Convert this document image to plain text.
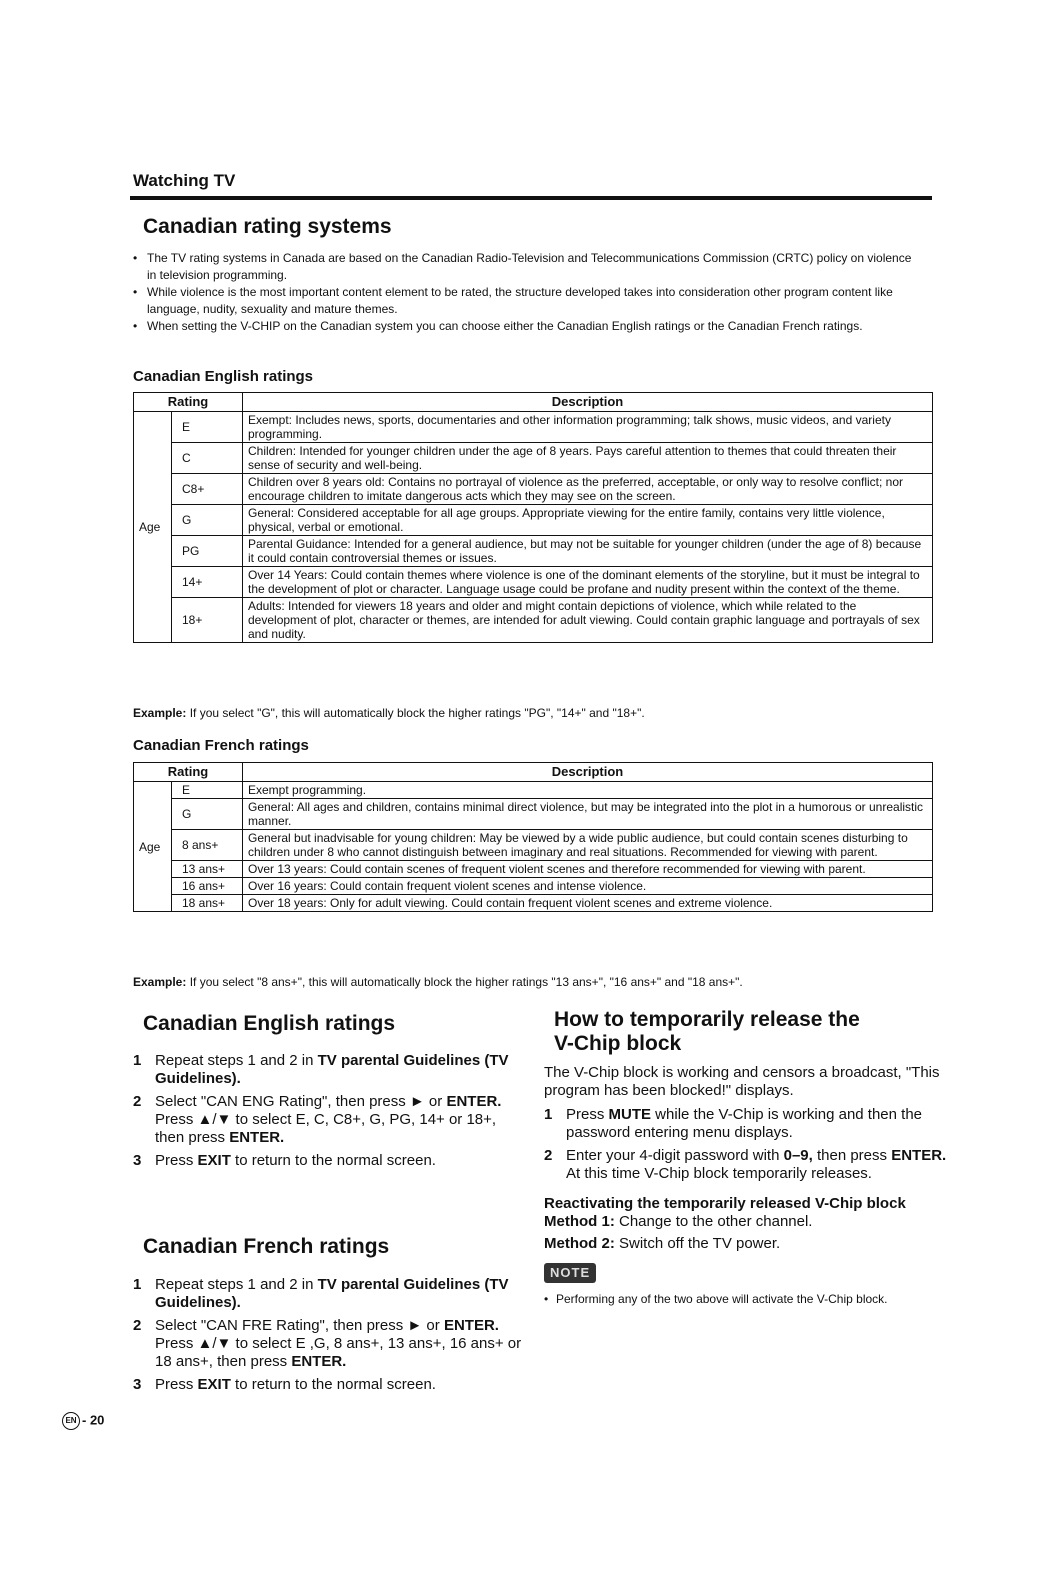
Watching TV
Canadian rating systems
• The TV rating systems in Canada are based on the Canadian Radio-Television and Telecommunications Commission (CRTC) policy on violence in television programming.
• While violence is the most important content element to be rated, the structure developed takes into consideration other program content like language, nudity, sexuality and mature themes.
• When setting the V-CHIP on the Canadian system you can choose either the Canadian English ratings or the Canadian French ratings.
Canadian English ratings
Rating		Description
Age	E	Exempt: Includes news, sports, documentaries and other information programming; talk shows, music videos, and variety programming.
	C	Children: Intended for younger children under the age of 8 years. Pays careful attention to themes that could threaten their sense of security and well-being.
	C8+	Children over 8 years old: Contains no portrayal of violence as the preferred, acceptable, or only way to resolve conflict; nor encourage children to imitate dangerous acts which they may see on the screen.
	G	General: Considered acceptable for all age groups. Appropriate viewing for the entire family, contains very little violence, physical, verbal or emotional.
	PG	Parental Guidance: Intended for a general audience, but may not be suitable for younger children (under the age of 8) because it could contain controversial themes or issues.
	14+	Over 14 Years: Could contain themes where violence is one of the dominant elements of the storyline, but it must be integral to the development of plot or character. Language usage could be profane and nudity present within the context of the theme.
	18+	Adults: Intended for viewers 18 years and older and might contain depictions of violence, which while related to the development of plot, character or themes, are intended for adult viewing. Could contain graphic language and portrayals of sex and nudity.
Example: If you select "G", this will automatically block the higher ratings "PG", "14+" and "18+".
Canadian French ratings
Rating		Description
Age	E	Exempt programming.
	G	General: All ages and children, contains minimal direct violence, but may be integrated into the plot in a humorous or unrealistic manner.
	8 ans+	General but inadvisable for young children: May be viewed by a wide public audience, but could contain scenes disturbing to children under 8 who cannot distinguish between imaginary and real situations. Recommended for viewing with parent.
	13 ans+	Over 13 years: Could contain scenes of frequent violent scenes and therefore recommended for viewing with parent.
	16 ans+	Over 16 years: Could contain frequent violent scenes and intense violence.
	18 ans+	Over 18 years: Only for adult viewing. Could contain frequent violent scenes and extreme violence.
Example: If you select "8 ans+", this will automatically block the higher ratings "13 ans+", "16 ans+" and "18 ans+".
Canadian English ratings
1 Repeat steps 1 and 2 in TV parental Guidelines (TV Guidelines).
2 Select "CAN ENG Rating", then press ► or ENTER.
Press ▲/▼ to select E, C, C8+, G, PG, 14+ or 18+, then press ENTER.
3 Press EXIT to return to the normal screen.
Canadian French ratings
1 Repeat steps 1 and 2 in TV parental Guidelines (TV Guidelines).
2 Select "CAN FRE Rating", then press ► or ENTER.
Press ▲/▼ to select E ,G, 8 ans+, 13 ans+, 16 ans+ or 18 ans+, then press ENTER.
3 Press EXIT to return to the normal screen.
How to temporarily release the
V-Chip block
The V-Chip block is working and censors a broadcast, "This program has been blocked!" displays.
1 Press MUTE while the V-Chip is working and then the password entering menu displays.
2 Enter your 4-digit password with 0–9, then press ENTER.
At this time V-Chip block temporarily releases.
Reactivating the temporarily released V-Chip block
Method 1: Change to the other channel.
Method 2: Switch off the TV power.
NOTE
• Performing any of the two above will activate the V-Chip block.
EN - 20
